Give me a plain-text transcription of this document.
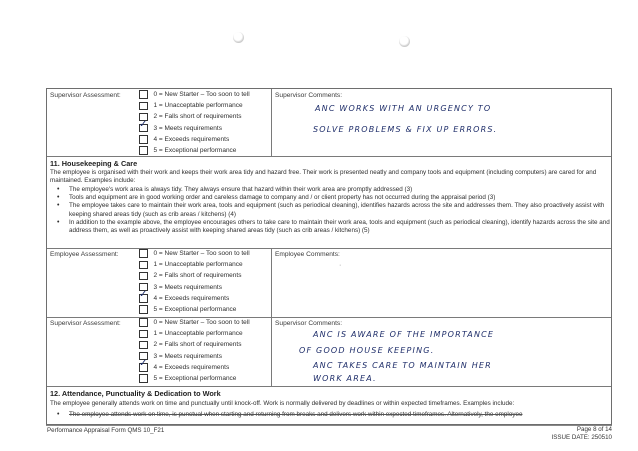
Supervisor Assessment:	0 = New Starter – Too soon to tell
1 = Unacceptable performance
2 = Falls short of requirements
✓
3 = Meets requirements
4 = Exceeds requirements
5 = Exceptional performance
Supervisor Comments:
ANC WORKS WITH AN URGENCY TO
SOLVE PROBLEMS & FIX UP ERRORS.
11. Housekeeping & Care
The employee is organised with their work and keeps their work area tidy and hazard free. Their work is presented neatly and company tools and equipment (including computers) are cared for and maintained. Examples include:
• The employee's work area is always tidy. They always ensure that hazard within their work area are promptly addressed (3)
• Tools and equipment are in good working order and careless damage to company and / or client property has not occurred during the appraisal period (3)
• The employee takes care to maintain their work area, tools and equipment (such as periodical cleaning), identifies hazards across the site and addresses them. They also proactively assist with keeping shared areas tidy (such as crib areas / kitchens) (4)
• In addition to the example above, the employee encourages others to take care to maintain their work area, tools and equipment (such as periodical cleaning), identify hazards across the site and address them, as well as proactively assist with keeping shared areas tidy (such as crib areas / kitchens) (5)
Employee Assessment:	0 = New Starter – Too soon to tell
1 = Unacceptable performance
2 = Falls short of requirements
3 = Meets requirements
✓
4 = Exceeds requirements
5 = Exceptional performance
Employee Comments:
·
Supervisor Assessment:	0 = New Starter – Too soon to tell
1 = Unacceptable performance
2 = Falls short of requirements
3 = Meets requirements
✓
4 = Exceeds requirements
5 = Exceptional performance
Supervisor Comments:
ANC IS AWARE OF THE IMPORTANCE
OF GOOD HOUSE KEEPING.
ANC TAKES CARE TO MAINTAIN HER
WORK AREA.
12. Attendance, Punctuality & Dedication to Work
The employee generally attends work on time and punctually until knock-off. Work is normally delivered by deadlines or within expected timeframes. Examples include:
• The employee attends work on time, is punctual when starting and returning from breaks and delivers work within expected timeframes. Alternatively, the employee
Performance Appraisal Form QMS 10_F21	Page 8 of 14
ISSUE DATE: 250510
